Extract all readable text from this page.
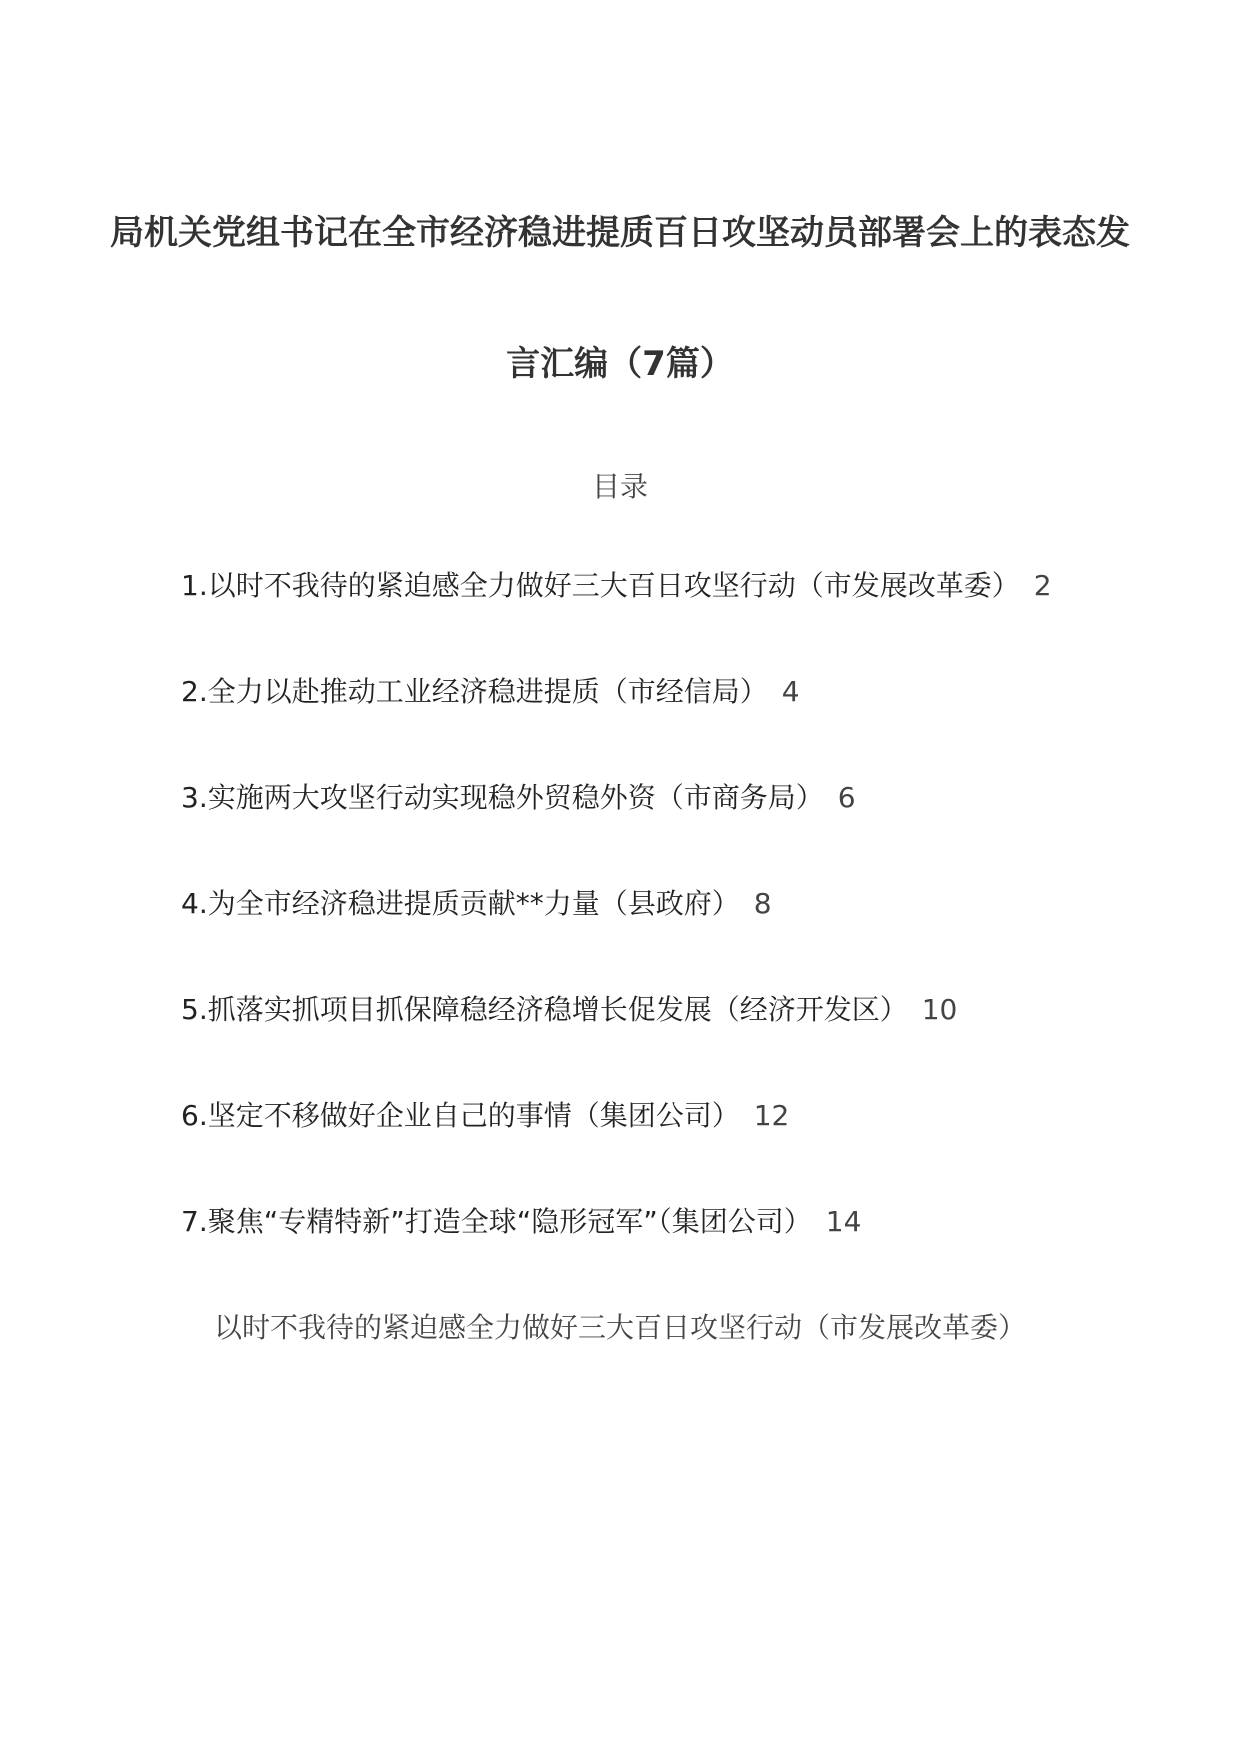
局机关党组书记在全市经济稳进提质百日攻坚动员部署会上的表态发
言汇编（7篇）
目录
1.以时不我待的紧迫感全力做好三大百日攻坚行动（市发展改革委） 2
2.全力以赴推动工业经济稳进提质（市经信局） 4
3.实施两大攻坚行动实现稳外贸稳外资（市商务局） 6
4.为全市经济稳进提质贡献**力量（县政府） 8
5.抓落实抓项目抓保障稳经济稳增长促发展（经济开发区） 10
6.坚定不移做好企业自己的事情（集团公司） 12
7.聚焦“专精特新”打造全球“隐形冠军”（集团公司） 14
以时不我待的紧迫感全力做好三大百日攻坚行动（市发展改革委）
